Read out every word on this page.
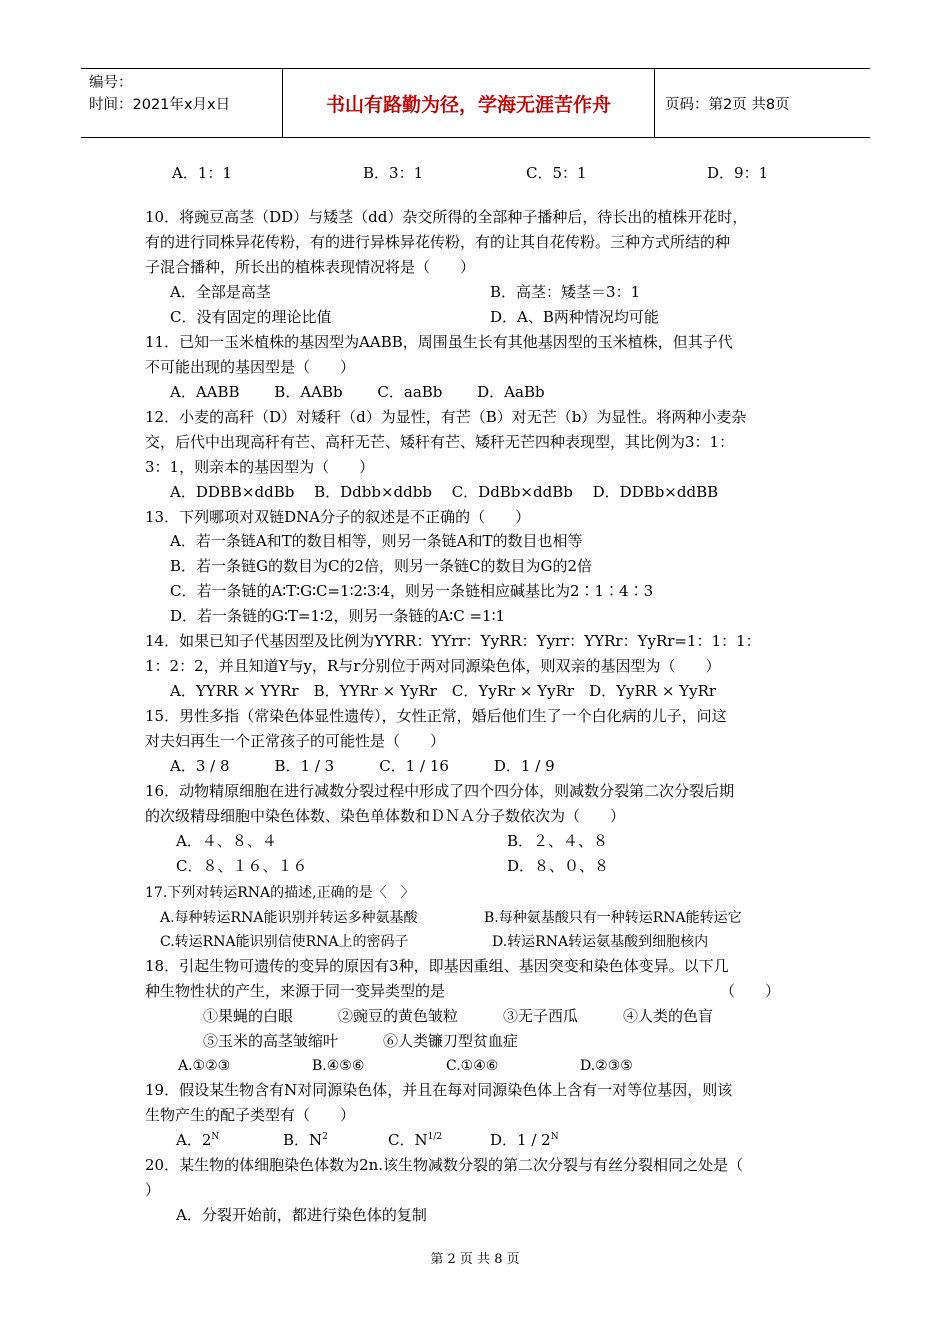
编号：
时间：2021年x月x日	书山有路勤为径，学海无涯苦作舟	页码：第2页 共8页
A．1：1	B．3：1	C．5：1	D．9：1
10．将豌豆高茎（DD）与矮茎（dd）杂交所得的全部种子播种后，待长出的植株开花时，
有的进行同株异花传粉，有的进行异株异花传粉，有的让其自花传粉。三种方式所结的种
子混合播种，所长出的植株表现情况将是（　　）
A．全部是高茎	B．高茎：矮茎＝3：1
C．没有固定的理论比值	D．A、B两种情况均可能
11．已知一玉米植株的基因型为AABB，周围虽生长有其他基因型的玉米植株，但其子代
不可能出现的基因型是（　　）
A．AABB　　 B．AABb　　 C．aaBb　　 D．AaBb
12．小麦的高秆（D）对矮秆（d）为显性，有芒（B）对无芒（b）为显性。将两种小麦杂
交，后代中出现高秆有芒、高秆无芒、矮秆有芒、矮秆无芒四种表现型，其比例为3：1：
3：1，则亲本的基因型为（　　）
A．DDBB×ddBb　 B．Ddbb×ddbb　 C．DdBb×ddBb　 D．DDBb×ddBB
13．下列哪项对双链DNA分子的叙述是不正确的（　　）
A．若一条链A和T的数目相等，则另一条链A和T的数目也相等
B．若一条链G的数目为C的2倍，则另一条链C的数目为G的2倍
C．若一条链的A∶T∶G∶C=1∶2∶3∶4，则另一条链相应碱基比为2∶1∶4∶3
D．若一条链的G∶T=1∶2，则另一条链的A∶C =1∶1
14．如果已知子代基因型及比例为YYRR：YYrr：YyRR：Yyrr：YYRr：YyRr=1：1：1：
1：2：2，并且知道Y与y，R与r分别位于两对同源染色体，则双亲的基因型为（　　）
A．YYRR × YYRr　B．YYRr × YyRr　C．YyRr × YyRr　D．YyRR × YyRr
15．男性多指（常染色体显性遗传），女性正常，婚后他们生了一个白化病的儿子，问这
对夫妇再生一个正常孩子的可能性是（　　）
A．3 / 8　　　B．1 / 3　　　C．1 / 16　　　D．1 / 9
16．动物精原细胞在进行减数分裂过程中形成了四个四分体，则减数分裂第二次分裂后期
的次级精母细胞中染色体数、染色单体数和ＤＮＡ分子数依次为（　　）
A．４、８、４	B．２、４、８
C．８、１６、１６	D．８、０、８
17.下列对转运RNA的描述,正确的是〈　〉
A.每种转运RNA能识别并转运多种氨基酸	B.每种氨基酸只有一种转运RNA能转运它
C.转运RNA能识别信使RNA上的密码子	D.转运RNA转运氨基酸到细胞核内
18．引起生物可遗传的变异的原因有3种，即基因重组、基因突变和染色体变异。以下几
种生物性状的产生，来源于同一变异类型的是	（　　）
①果蝇的白眼　　　②豌豆的黄色皱粒　　　③无子西瓜　　　④人类的色盲
⑤玉米的高茎皱缩叶　　　⑥人类镰刀型贫血症
A.①②③	B.④⑤⑥	C.①④⑥	D.②③⑤
19．假设某生物含有N对同源染色体，并且在每对同源染色体上含有一对等位基因，则该
生物产生的配子类型有（　　）
A．$2^N$	B．$N^2$	C．$N^{1/2}$	D．$1 / 2^N$
20．某生物的体细胞染色体数为2n.该生物减数分裂的第二次分裂与有丝分裂相同之处是（
）
A．分裂开始前，都进行染色体的复制
第 2 页 共 8 页
